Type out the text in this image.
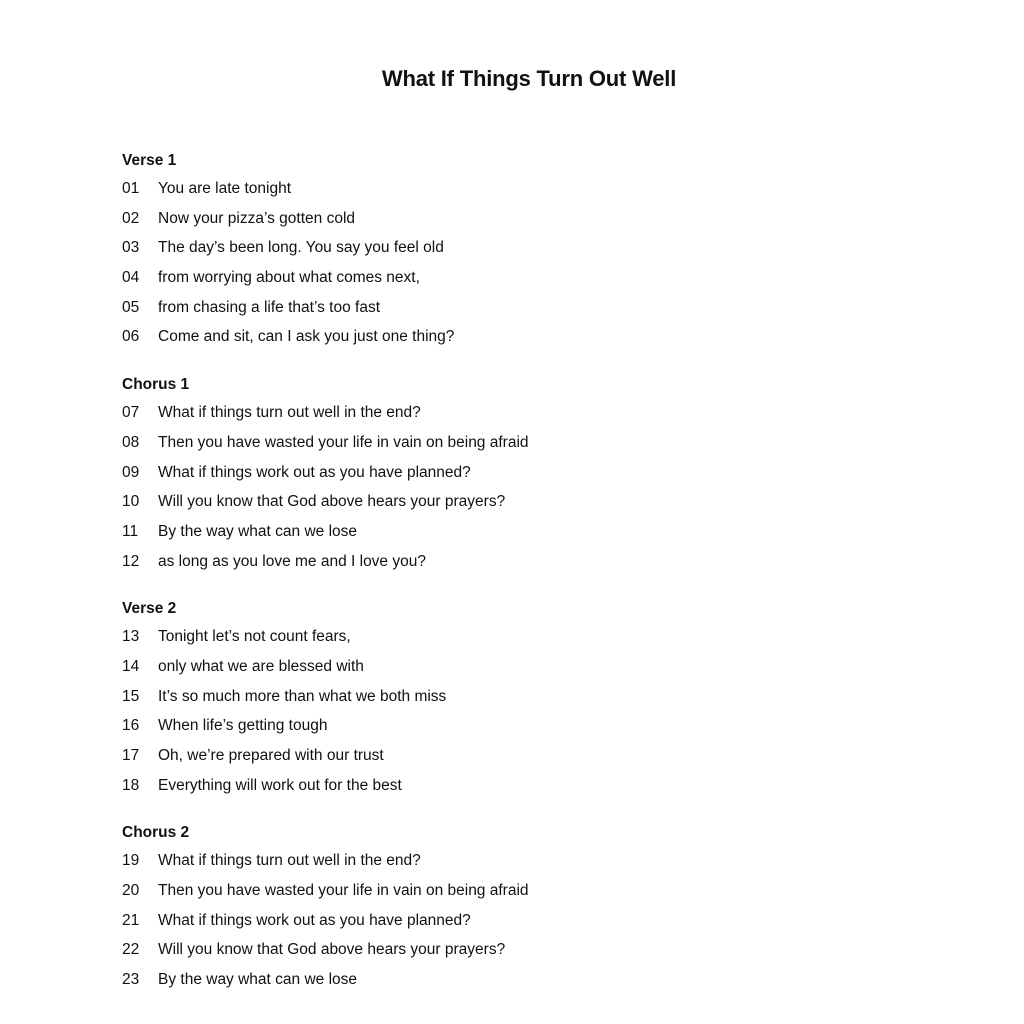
What If Things Turn Out Well
Verse 1
01	You are late tonight
02	Now your pizza’s gotten cold
03	The day’s been long. You say you feel old
04	from worrying about what comes next,
05	from chasing a life that’s too fast
06	Come and sit, can I ask you just one thing?
Chorus 1
07	What if things turn out well in the end?
08	Then you have wasted your life in vain on being afraid
09	What if things work out as you have planned?
10	Will you know that God above hears your prayers?
11	By the way what can we lose
12	as long as you love me and I love you?
Verse 2
13	Tonight let’s not count fears,
14	only what we are blessed with
15	It’s so much more than what we both miss
16	When life’s getting tough
17	Oh, we’re prepared with our trust
18	Everything will work out for the best
Chorus 2
19	What if things turn out well in the end?
20	Then you have wasted your life in vain on being afraid
21	What if things work out as you have planned?
22	Will you know that God above hears your prayers?
23	By the way what can we lose
